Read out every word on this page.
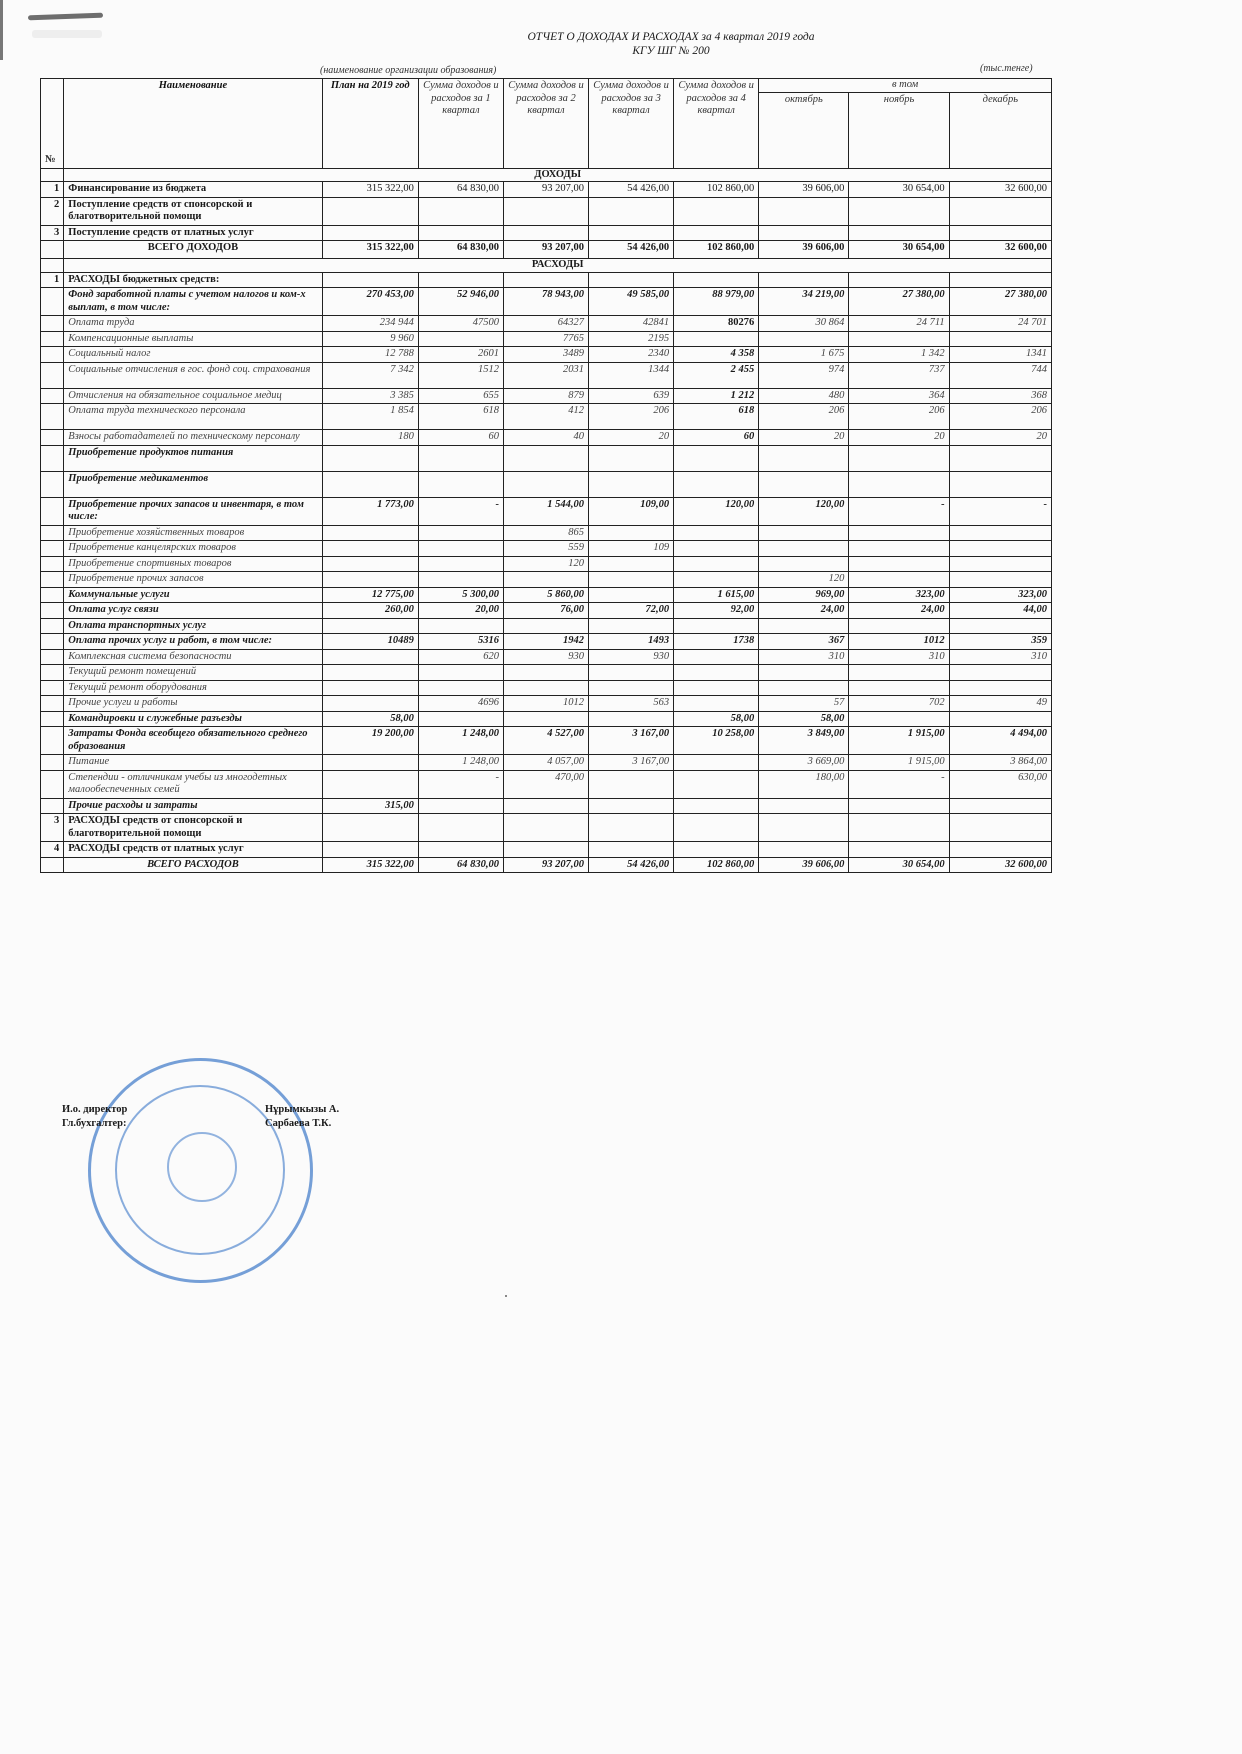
ОТЧЕТ О ДОХОДАХ И РАСХОДАХ за 4 квартал 2019 года
КГУ ШГ № 200
(наименование организации образования)	(тыс.тенге)
№	Наименование	План на 2019 год	Сумма доходов и расходов за 1 квартал	Сумма доходов и расходов за 2 квартал	Сумма доходов и расходов за 3 квартал	Сумма доходов и расходов за 4 квартал	в том		
							октябрь	ноябрь	декабрь
	ДОХОДЫ								
1	Финансирование из бюджета	315 322,00	64 830,00	93 207,00	54 426,00	102 860,00	39 606,00	30 654,00	32 600,00
2	Поступление средств от спонсорской и благотворительной помощи								
3	Поступление средств от платных услуг								
	ВСЕГО ДОХОДОВ	315 322,00	64 830,00	93 207,00	54 426,00	102 860,00	39 606,00	30 654,00	32 600,00
	РАСХОДЫ								
1	РАСХОДЫ бюджетных средств:								
	Фонд заработной платы с учетом налогов и ком-х выплат, в том числе:	270 453,00	52 946,00	78 943,00	49 585,00	88 979,00	34 219,00	27 380,00	27 380,00
	Оплата труда	234 944	47500	64327	42841	80276	30 864	24 711	24 701
	Компенсационные выплаты	9 960		7765	2195				
	Социальный налог	12 788	2601	3489	2340	4 358	1 675	1 342	1341
	Социальные отчисления в гос. фонд соц. страхования	7 342	1512	2031	1344	2 455	974	737	744
	Отчисления на обязательное социальное медиц	3 385	655	879	639	1 212	480	364	368
	Оплата труда технического персонала	1 854	618	412	206	618	206	206	206
	Взносы работадателей по техническому персоналу	180	60	40	20	60	20	20	20
	Приобретение продуктов питания								
	Приобретение медикаментов								
	Приобретение прочих запасов и инвентаря, в том числе:	1 773,00	-	1 544,00	109,00	120,00	120,00	-	-
	Приобретение хозяйственных товаров			865					
	Приобретение канцелярских товаров			559	109				
	Приобретение спортивных товаров			120					
	Приобретение прочих запасов						120		
	Коммунальные услуги	12 775,00	5 300,00	5 860,00		1 615,00	969,00	323,00	323,00
	Оплата услуг связи	260,00	20,00	76,00	72,00	92,00	24,00	24,00	44,00
	Оплата транспортных услуг								
	Оплата прочих услуг и работ, в том числе:	10489	5316	1942	1493	1738	367	1012	359
	Комплексная система безопасности		620	930	930		310	310	310
	Текущий ремонт помещений								
	Текущий ремонт оборудования								
	Прочие услуги и работы		4696	1012	563		57	702	49
	Командировки и служебные разъезды	58,00				58,00	58,00		
	Затраты Фонда всеобщего обязательного среднего образования	19 200,00	1 248,00	4 527,00	3 167,00	10 258,00	3 849,00	1 915,00	4 494,00
	Питание		1 248,00	4 057,00	3 167,00		3 669,00	1 915,00	3 864,00
	Степендии - отличникам учебы из многодетных малообеспеченных семей		-	470,00			180,00	-	630,00
	Прочие расходы и затраты	315,00							
3	РАСХОДЫ средств от спонсорской и благотворительной помощи								
4	РАСХОДЫ средств от платных услуг								
	ВСЕГО РАСХОДОВ	315 322,00	64 830,00	93 207,00	54 426,00	102 860,00	39 606,00	30 654,00	32 600,00
И.о. директор	Нұрымкызы А.
Гл.бухгалтер:	Сарбаева Т.К.
